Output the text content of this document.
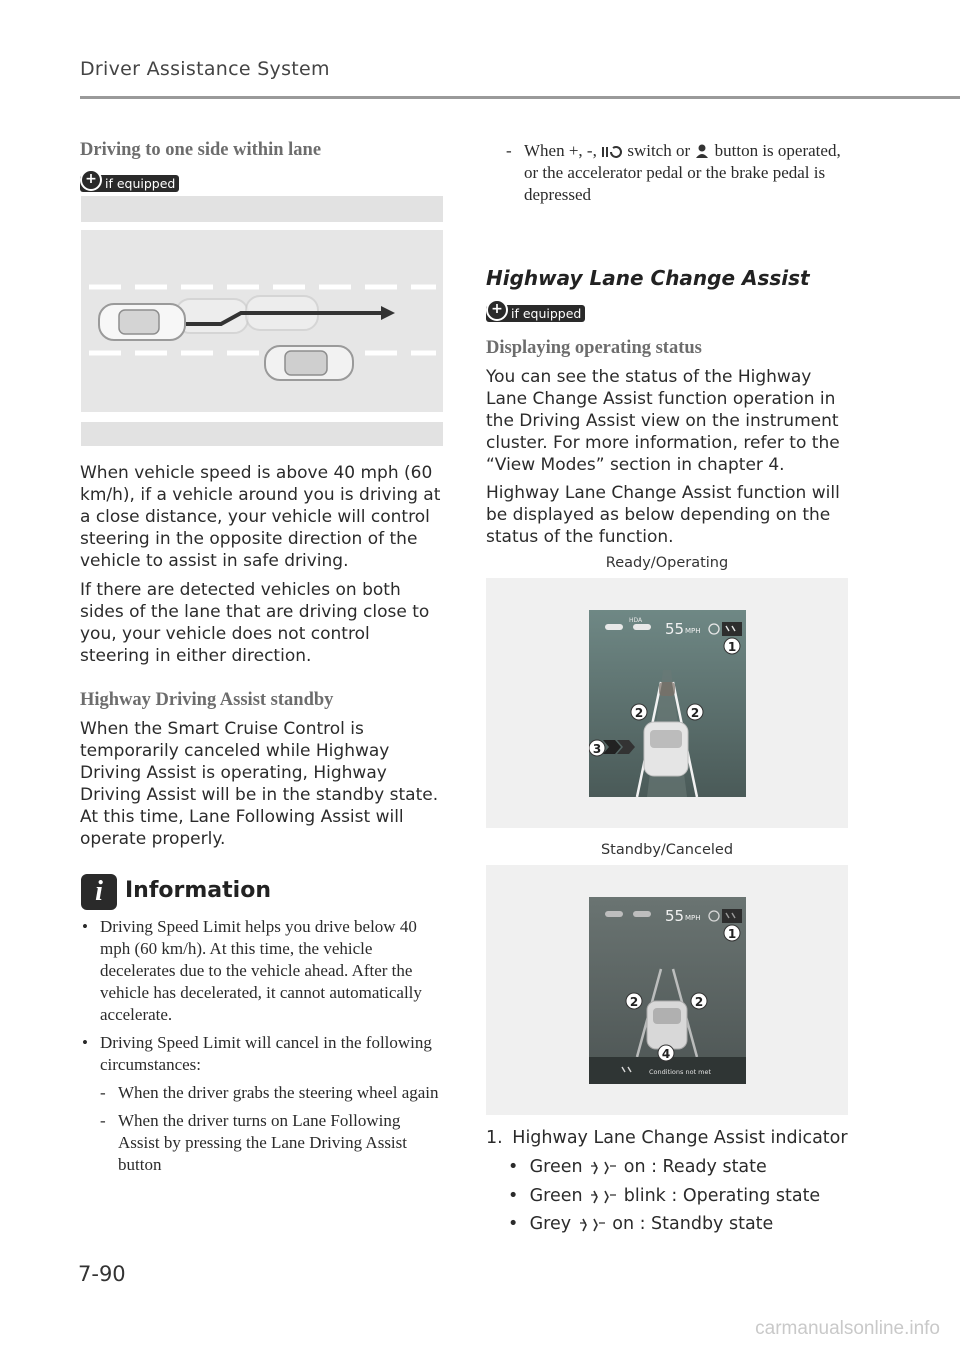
Driver Assistance System
Driving to one side within lane
+ if equipped
When vehicle speed is above 40 mph (60 km/h), if a vehicle around you is driving at a close distance, your vehicle will control steering in the opposite direction of the vehicle to assist in safe driving.
If there are detected vehicles on both sides of the lane that are driving close to you, your vehicle does not control steering in either direction.
Highway Driving Assist standby
When the Smart Cruise Control is temporarily canceled while Highway Driving Assist is operating, Highway Driving Assist will be in the standby state. At this time, Lane Following Assist will operate properly.
i	Information
• Driving Speed Limit helps you drive below 40 mph (60 km/h). At this time, the vehicle decelerates due to the vehicle ahead. After the vehicle has decelerated, it cannot automatically accelerate.
• Driving Speed Limit will cancel in the following circumstances:
- When the driver grabs the steering wheel again
- When the driver turns on Lane Following Assist by pressing the Lane Driving Assist button
- When +, -, switch or button is operated, or the accelerator pedal or the brake pedal is depressed
Highway Lane Change Assist
+ if equipped
Displaying operating status
You can see the status of the Highway Lane Change Assist function operation in the Driving Assist view on the instrument cluster. For more information, refer to the “View Modes” section in chapter 4.
Highway Lane Change Assist function will be displayed as below depending on the status of the function.
Ready/Operating
HDA 55 MPH
1
2	2
3
Standby/Canceled
55 MPH
Conditions not met
1
2	2
4
1. Highway Lane Change Assist indicator
• Green on : Ready state
• Green blink : Operating state
• Grey on : Standby state
7-90
carmanualsonline.info
